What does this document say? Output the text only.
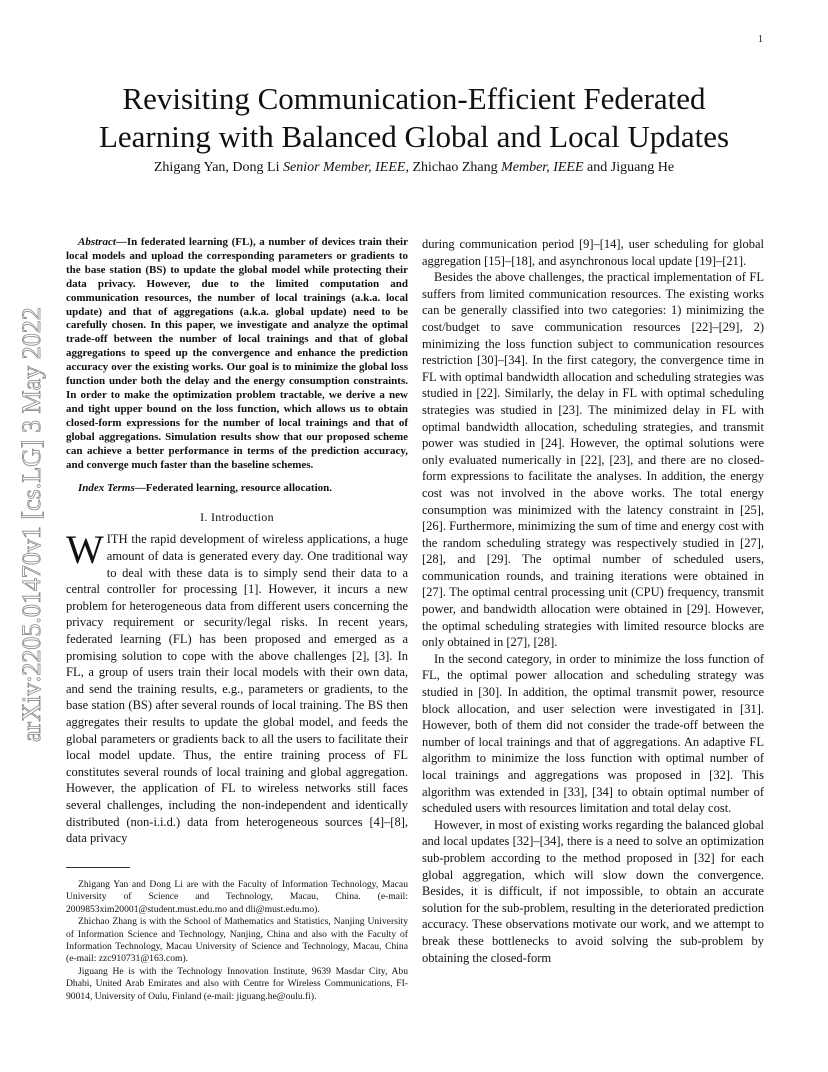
1
arXiv:2205.01470v1 [cs.LG] 3 May 2022
Revisiting Communication-Efficient Federated
Learning with Balanced Global and Local Updates
Zhigang Yan, Dong Li Senior Member, IEEE, Zhichao Zhang Member, IEEE and Jiguang He

Abstract—In federated learning (FL), a number of devices train their local models and upload the corresponding parameters or gradients to the base station (BS) to update the global model while protecting their data privacy. However, due to the limited computation and communication resources, the number of local trainings (a.k.a. local update) and that of aggregations (a.k.a. global update) need to be carefully chosen. In this paper, we investigate and analyze the optimal trade-off between the number of local trainings and that of global aggregations to speed up the convergence and enhance the prediction accuracy over the existing works. Our goal is to minimize the global loss function under both the delay and the energy consumption constraints. In order to make the optimization problem tractable, we derive a new and tight upper bound on the loss function, which allows us to obtain closed-form expressions for the number of local trainings and that of global aggregations. Simulation results show that our proposed scheme can achieve a better performance in terms of the prediction accuracy, and converge much faster than the baseline schemes.

Index Terms—Federated learning, resource allocation.

I. Introduction

WITH the rapid development of wireless applications, a huge amount of data is generated every day. One traditional way to deal with these data is to simply send their data to a central controller for processing [1]. However, it incurs a new problem for heterogeneous data from different users concerning the privacy requirement or security/legal risks. In recent years, federated learning (FL) has been proposed and emerged as a promising solution to cope with the above challenges [2], [3]. In FL, a group of users train their local models with their own data, and send the training results, e.g., parameters or gradients, to the base station (BS) after several rounds of local training. The BS then aggregates their results to update the global model, and feeds the global parameters or gradients back to all the users to facilitate their local model update. Thus, the entire training process of FL constitutes several rounds of local training and global aggregation. However, the application of FL to wireless networks still faces several challenges, including the non-independent and identically distributed (non-i.i.d.) data from heterogeneous sources [4]–[8], data privacy

Zhigang Yan and Dong Li are with the Faculty of Information Technology, Macau University of Science and Technology, Macau, China. (e-mail: 2009853xim20001@student.must.edu.mo and dli@must.edu.mo).

Zhichao Zhang is with the School of Mathematics and Statistics, Nanjing University of Information Science and Technology, Nanjing, China and also with the Faculty of Information Technology, Macau University of Science and Technology, Macau, China (e-mail: zzc910731@163.com).

Jiguang He is with the Technology Innovation Institute, 9639 Masdar City, Abu Dhabi, United Arab Emirates and also with Centre for Wireless Communications, FI-90014, University of Oulu, Finland (e-mail: jiguang.he@oulu.fi).

during communication period [9]–[14], user scheduling for global aggregation [15]–[18], and asynchronous local update [19]–[21].

Besides the above challenges, the practical implementation of FL suffers from limited communication resources. The existing works can be generally classified into two categories: 1) minimizing the cost/budget to save communication resources [22]–[29], 2) minimizing the loss function subject to communication resources restriction [30]–[34]. In the first category, the convergence time in FL with optimal bandwidth allocation and scheduling strategies was studied in [22]. Similarly, the delay in FL with optimal scheduling strategies was studied in [23]. The minimized delay in FL with optimal bandwidth allocation, scheduling strategies, and transmit power was studied in [24]. However, the optimal solutions were only evaluated numerically in [22], [23], and there are no closed-form expressions to facilitate the analyses. In addition, the energy cost was not involved in the above works. The total energy consumption was minimized with the latency constraint in [25], [26]. Furthermore, minimizing the sum of time and energy cost with the random scheduling strategy was respectively studied in [27], [28], and [29]. The optimal number of scheduled users, communication rounds, and training iterations were obtained in [27]. The optimal central processing unit (CPU) frequency, transmit power, and bandwidth allocation were obtained in [29]. However, the optimal scheduling strategies with limited resource blocks are only obtained in [27], [28].

In the second category, in order to minimize the loss function of FL, the optimal power allocation and scheduling strategy was studied in [30]. In addition, the optimal transmit power, resource block allocation, and user selection were investigated in [31]. However, both of them did not consider the trade-off between the number of local trainings and that of aggregations. An adaptive FL algorithm to minimize the loss function with optimal number of local trainings and aggregations was proposed in [32]. This algorithm was extended in [33], [34] to obtain optimal number of scheduled users with resources limitation and total delay cost.

However, in most of existing works regarding the balanced global and local updates [32]–[34], there is a need to solve an optimization sub-problem according to the method proposed in [32] for each global aggregation, which will slow down the convergence. Besides, it is difficult, if not impossible, to obtain an accurate solution for the sub-problem, resulting in the deteriorated prediction accuracy. These observations motivate our work, and we attempt to break these bottlenecks to avoid solving the sub-problem by obtaining the closed-form
